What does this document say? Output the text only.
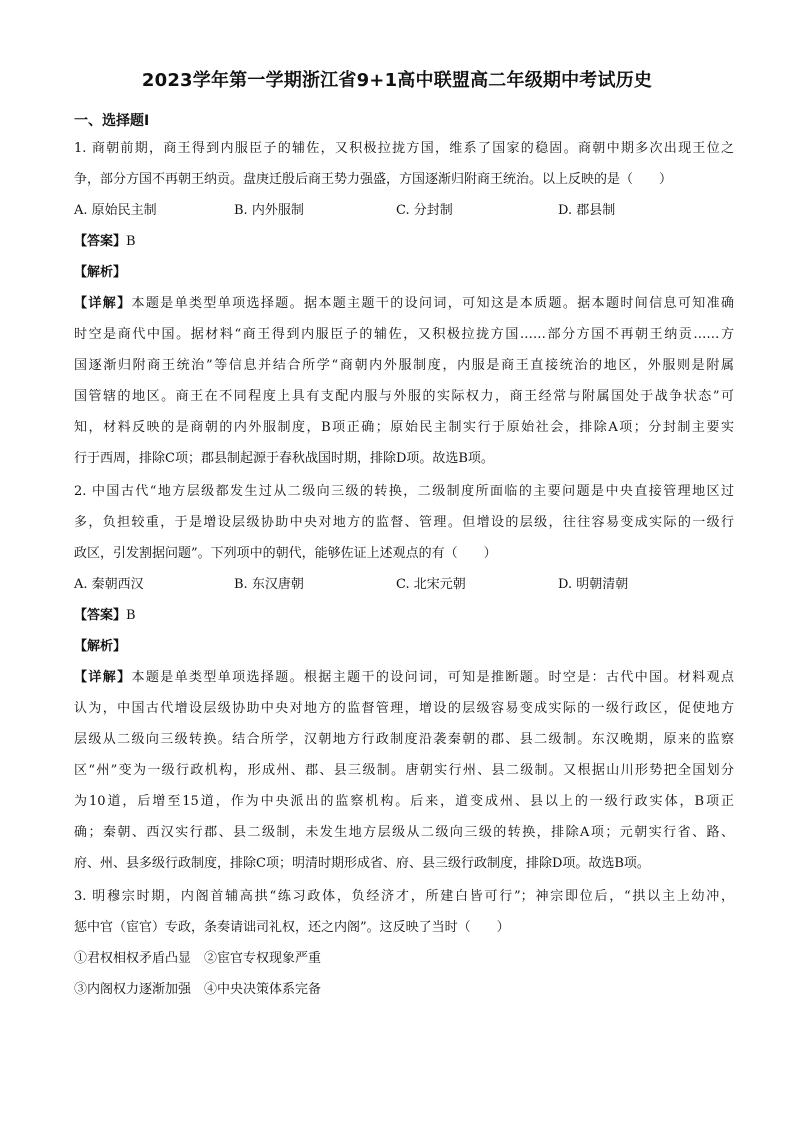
2023学年第一学期浙江省9+1高中联盟高二年级期中考试历史
一、选择题Ⅰ
1. 商朝前期，商王得到内服臣子的辅佐，又积极拉拢方国，维系了国家的稳固。商朝中期多次出现王位之
争，部分方国不再朝王纳贡。盘庚迁殷后商王势力强盛，方国逐渐归附商王统治。以上反映的是（　　）
A. 原始民主制	B. 内外服制	C. 分封制	D. 郡县制
【答案】B
【解析】
【详解】本题是单类型单项选择题。据本题主题干的设问词，可知这是本质题。据本题时间信息可知准确
时空是商代中国。据材料“商王得到内服臣子的辅佐，又积极拉拢方国……部分方国不再朝王纳贡……方
国逐渐归附商王统治”等信息并结合所学“商朝内外服制度，内服是商王直接统治的地区，外服则是附属
国管辖的地区。商王在不同程度上具有支配内服与外服的实际权力，商王经常与附属国处于战争状态”可
知，材料反映的是商朝的内外服制度，B项正确；原始民主制实行于原始社会，排除A项；分封制主要实
行于西周，排除C项；郡县制起源于春秋战国时期，排除D项。故选B项。
2. 中国古代“地方层级都发生过从二级向三级的转换，二级制度所面临的主要问题是中央直接管理地区过
多，负担较重，于是增设层级协助中央对地方的监督、管理。但增设的层级，往往容易变成实际的一级行
政区，引发割据问题”。下列项中的朝代，能够佐证上述观点的有（　　）
A. 秦朝西汉	B. 东汉唐朝	C. 北宋元朝	D. 明朝清朝
【答案】B
【解析】
【详解】本题是单类型单项选择题。根据主题干的设问词，可知是推断题。时空是：古代中国。材料观点
认为，中国古代增设层级协助中央对地方的监督管理，增设的层级容易变成实际的一级行政区，促使地方
层级从二级向三级转换。结合所学，汉朝地方行政制度沿袭秦朝的郡、县二级制。东汉晚期，原来的监察
区“州”变为一级行政机构，形成州、郡、县三级制。唐朝实行州、县二级制。又根据山川形势把全国划分
为10道，后增至15道，作为中央派出的监察机构。后来，道变成州、县以上的一级行政实体，B项正
确；秦朝、西汉实行郡、县二级制，未发生地方层级从二级向三级的转换，排除A项；元朝实行省、路、
府、州、县多级行政制度，排除C项；明清时期形成省、府、县三级行政制度，排除D项。故选B项。
3. 明穆宗时期，内阁首辅高拱“练习政体，负经济才，所建白皆可行”；神宗即位后，“拱以主上幼冲，
惩中官（宦官）专政，条奏请诎司礼权，还之内阁”。这反映了当时（　　）
①君权相权矛盾凸显　②宦官专权现象严重
③内阁权力逐渐加强　④中央决策体系完备
